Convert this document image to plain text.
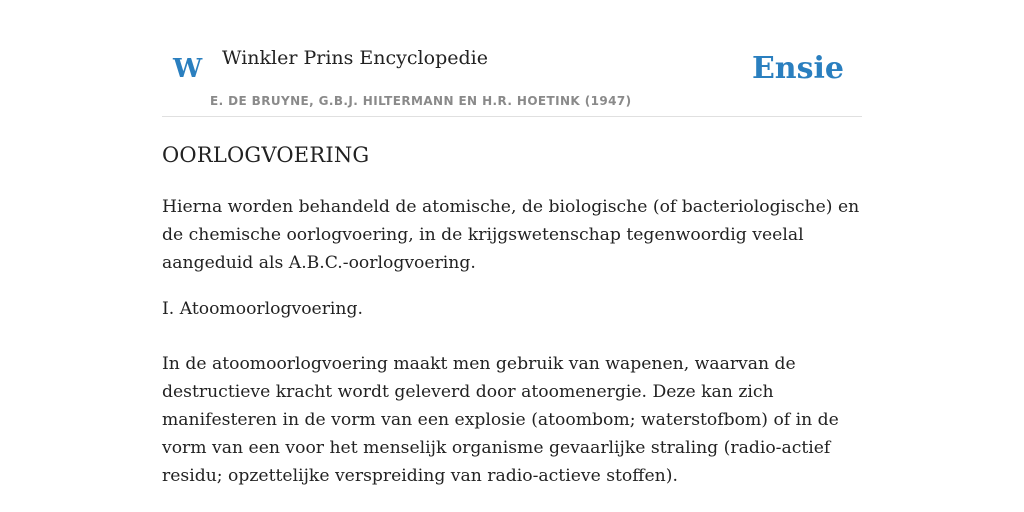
W Winkler Prins Encyclopedie
E. DE BRUYNE, G.B.J. HILTERMANN EN H.R. HOETINK (1947)
Ensie
OORLOGVOERING

Hierna worden behandeld de atomische, de biologische (of bacteriologische) en de chemische oorlogvoering, in de krijgswetenschap tegenwoordig veelal aangeduid als A.B.C.-oorlogvoering.

I. Atoomoorlogvoering.

In de atoomoorlogvoering maakt men gebruik van wapenen, waarvan de destructieve kracht wordt geleverd door atoomenergie. Deze kan zich manifesteren in de vorm van een explosie (atoombom; waterstofbom) of in de vorm van een voor het menselijk organisme gevaarlijke straling (radio-actief residu; opzettelijke verspreiding van radio-actieve stoffen).
